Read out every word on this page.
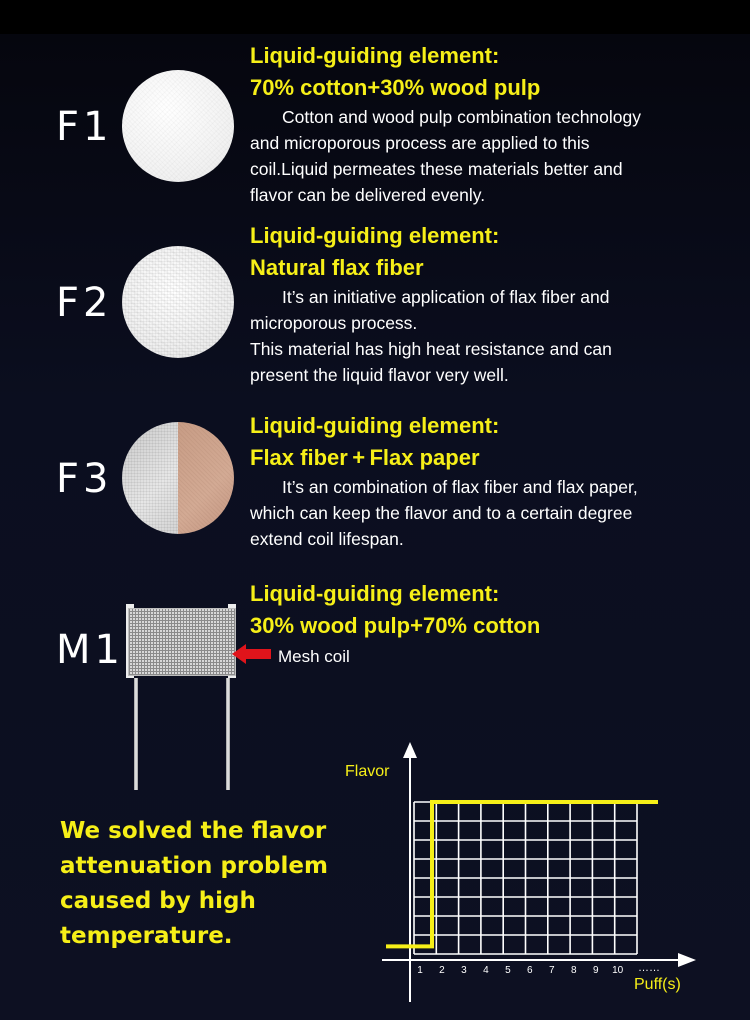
F1

Liquid-guiding element:

70% cotton+30% wood pulp

Cotton and wood pulp combination technology

and microporous process are applied to this

coil.Liquid permeates these materials better and

flavor can be delivered evenly.

F2

Liquid-guiding element:

Natural flax fiber

It’s an initiative application of flax fiber and

microporous process.

This material has high heat resistance and can

present the liquid flavor very well.

F3

Liquid-guiding element:

Flax fiber + Flax paper

It’s an combination of flax fiber and flax paper,

which can keep the flavor and to a certain degree

extend coil lifespan.

M1	Mesh coil

Liquid-guiding element:

30% wood pulp+70% cotton

We solved the flavor
attenuation problem
caused by high
temperature.

1 2 3 4 5 6 7 8 9 10
Flavor
Puff(s)
……
